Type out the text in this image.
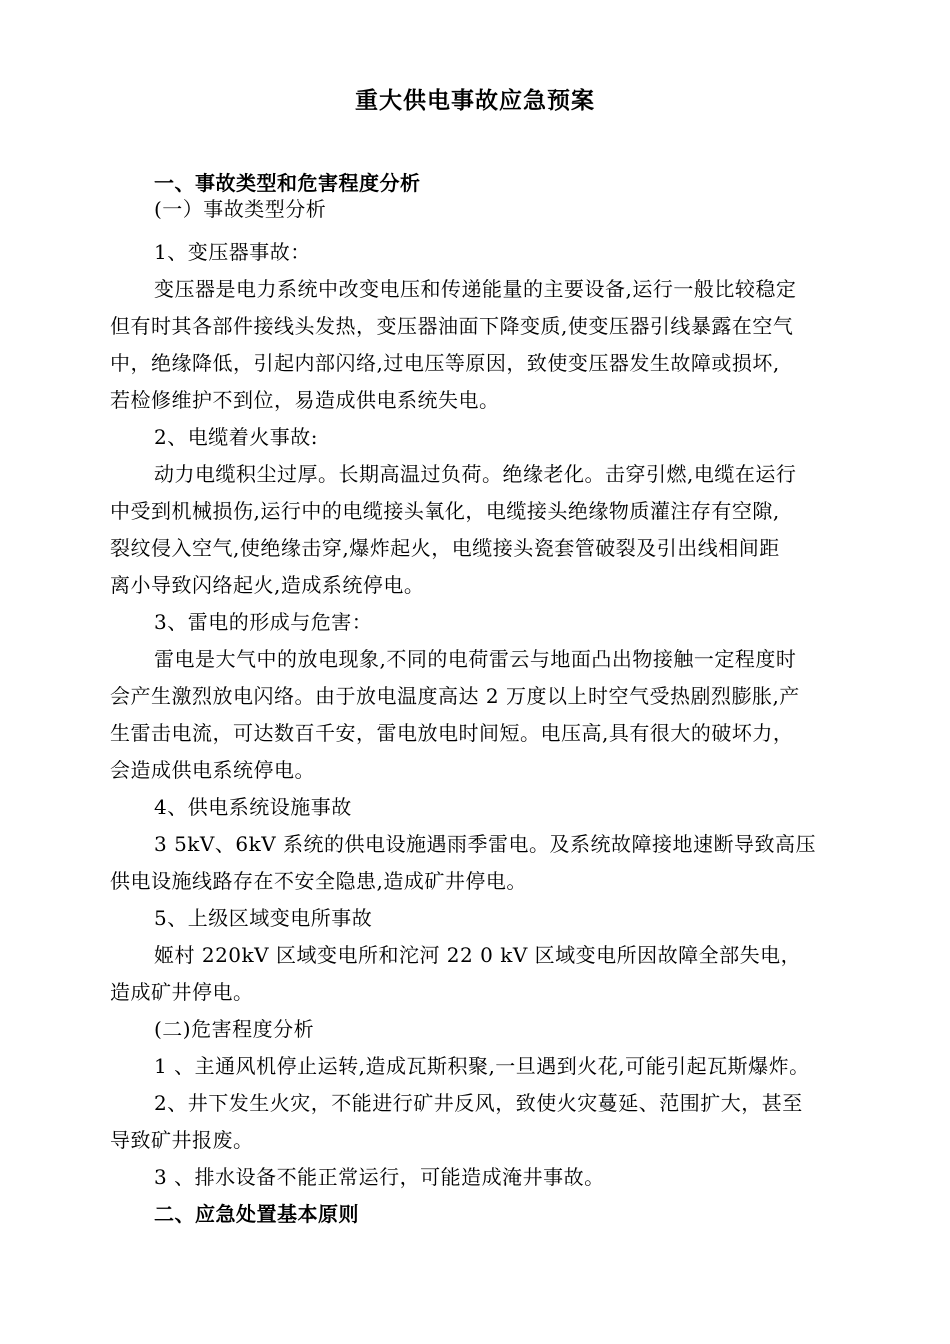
重大供电事故应急预案
一、事故类型和危害程度分析
(一）事故类型分析
1、变压器事故：
变压器是电力系统中改变电压和传递能量的主要设备,运行一般比较稳定
但有时其各部件接线头发热，变压器油面下降变质,使变压器引线暴露在空气
中，绝缘降低，引起内部闪络,过电压等原因，致使变压器发生故障或损坏,
若检修维护不到位，易造成供电系统失电。
2、电缆着火事故:
动力电缆积尘过厚。长期高温过负荷。绝缘老化。击穿引燃,电缆在运行
中受到机械损伤,运行中的电缆接头氧化，电缆接头绝缘物质灌注存有空隙,
裂纹侵入空气,使绝缘击穿,爆炸起火，电缆接头瓷套管破裂及引出线相间距
离小导致闪络起火,造成系统停电。
3、雷电的形成与危害：
雷电是大气中的放电现象,不同的电荷雷云与地面凸出物接触一定程度时
会产生激烈放电闪络。由于放电温度高达 2 万度以上时空气受热剧烈膨胀,产
生雷击电流，可达数百千安，雷电放电时间短。电压高,具有很大的破坏力，
会造成供电系统停电。
4、供电系统设施事故
3 5kV、6kV 系统的供电设施遇雨季雷电。及系统故障接地速断导致高压
供电设施线路存在不安全隐患,造成矿井停电。
5、上级区域变电所事故
姬村 220kV 区域变电所和沱河 22 0 kV 区域变电所因故障全部失电，
造成矿井停电。
(二)危害程度分析
1 、主通风机停止运转,造成瓦斯积聚,一旦遇到火花,可能引起瓦斯爆炸。
2、井下发生火灾，不能进行矿井反风，致使火灾蔓延、范围扩大，甚至
导致矿井报废。
3 、排水设备不能正常运行，可能造成淹井事故。
二、应急处置基本原则
